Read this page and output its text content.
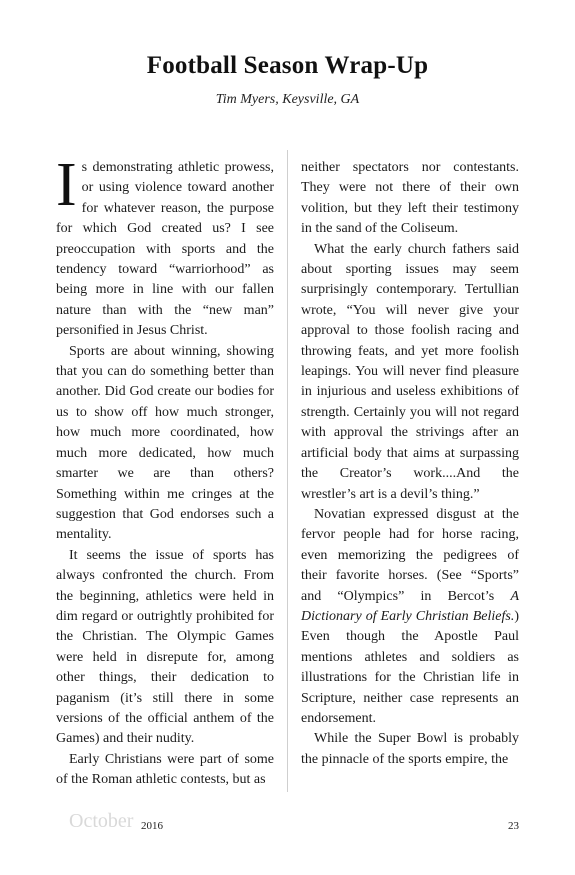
Football Season Wrap-Up
Tim Myers, Keysville, GA

Is demonstrating athletic prowess, or using violence toward another for whatever reason, the purpose for which God created us? I see preoccupation with sports and the tendency toward “warriorhood” as being more in line with our fallen nature than with the “new man” personified in Jesus Christ.

Sports are about winning, showing that you can do something better than another. Did God create our bodies for us to show off how much stronger, how much more coordinated, how much more dedicated, how much smarter we are than others? Something within me cringes at the suggestion that God endorses such a mentality.

It seems the issue of sports has always confronted the church. From the beginning, athletics were held in dim regard or outrightly prohibited for the Christian. The Olympic Games were held in disrepute for, among other things, their dedication to paganism (it’s still there in some versions of the official anthem of the Games) and their nudity.

Early Christians were part of some of the Roman athletic contests, but as

neither spectators nor contestants. They were not there of their own volition, but they left their testimony in the sand of the Coliseum.

What the early church fathers said about sporting issues may seem surprisingly contemporary. Tertullian wrote, “You will never give your approval to those foolish racing and throwing feats, and yet more foolish leapings. You will never find pleasure in injurious and useless exhibitions of strength. Certainly you will not regard with approval the strivings after an artificial body that aims at surpassing the Creator’s work....And the wrestler’s art is a devil’s thing.”

Novatian expressed disgust at the fervor people had for horse racing, even memorizing the pedigrees of their favorite horses. (See “Sports” and “Olympics” in Bercot’s A Dictionary of Early Christian Beliefs.) Even though the Apostle Paul mentions athletes and soldiers as illustrations for the Christian life in Scripture, neither case represents an endorsement.

While the Super Bowl is probably the pinnacle of the sports empire, the

October 2016	23
